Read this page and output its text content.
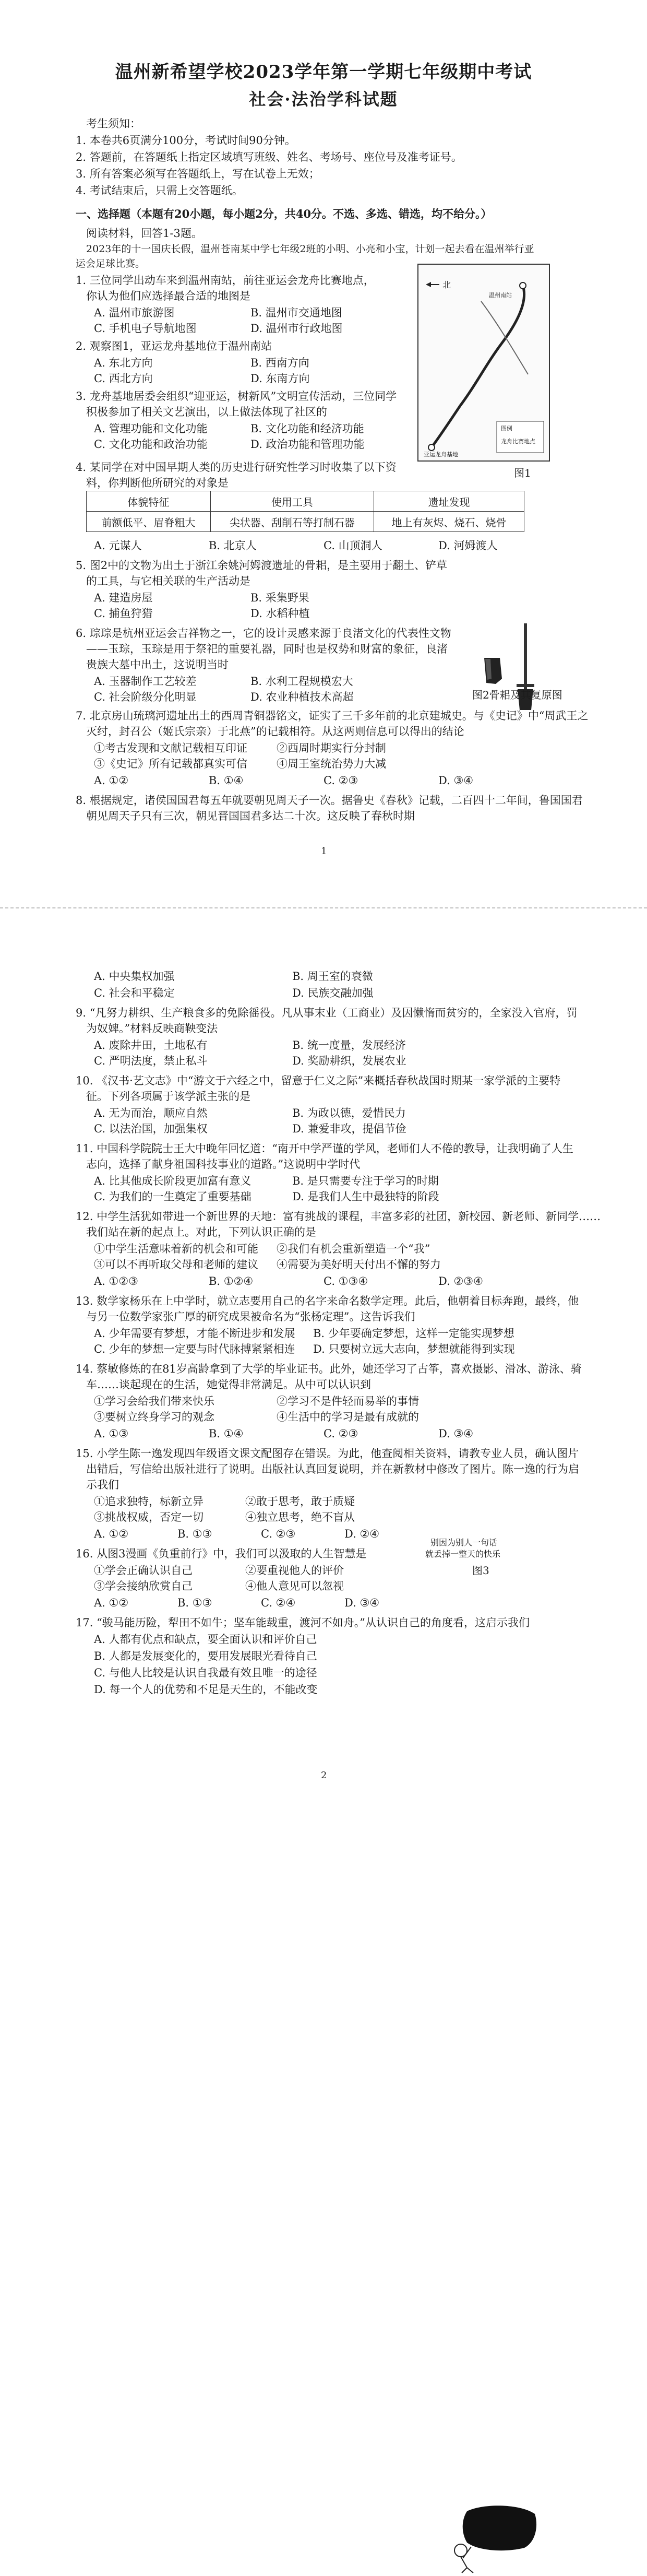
温州新希望学校2023学年第一学期七年级期中考试
社会·法治学科试题
考生须知：
1. 本卷共6页满分100分，考试时间90分钟。
2. 答题前，在答题纸上指定区域填写班级、姓名、考场号、座位号及准考证号。
3. 所有答案必须写在答题纸上，写在试卷上无效；
4. 考试结束后，只需上交答题纸。
一、选择题（本题有20小题，每小题2分，共40分。不选、多选、错选，均不给分。）
阅读材料，回答1-3题。
2023年的十一国庆长假，温州苍南某中学七年级2班的小明、小亮和小宝，计划一起去看在温州举行亚
运会足球比赛。
1. 三位同学出动车来到温州南站，前往亚运会龙舟比赛地点，
你认为他们应选择最合适的地图是
A. 温州市旅游图	B. 温州市交通地图
C. 手机电子导航地图	D. 温州市行政地图
2. 观察图1，亚运龙舟基地位于温州南站
A. 东北方向	B. 西南方向
C. 西北方向	D. 东南方向
3. 龙舟基地居委会组织“迎亚运，树新风”文明宣传活动，三位同学
积极参加了相关文艺演出，以上做法体现了社区的
A. 管理功能和文化功能	B. 文化功能和经济功能
C. 文化功能和政治功能	D. 政治功能和管理功能
北
温州南站
亚运龙舟基地
图例
龙舟比赛地点
图1
4. 某同学在对中国早期人类的历史进行研究性学习时收集了以下资
料，你判断他所研究的对象是
体貌特征	使用工具	遗址发现
前额低平、眉脊粗大	尖状器、刮削石等打制石器	地上有灰烬、烧石、烧骨
A. 元谋人	B. 北京人	C. 山顶洞人	D. 河姆渡人
5. 图2中的文物为出土于浙江余姚河姆渡遗址的骨耜，是主要用于翻土、铲草
的工具，与它相关联的生产活动是
A. 建造房屋	B. 采集野果
C. 捕鱼狩猎	D. 水稻种植
6. 琮琮是杭州亚运会吉祥物之一，它的设计灵感来源于良渚文化的代表性文物
——玉琮，玉琮是用于祭祀的重要礼器，同时也是权势和财富的象征，良渚
贵族大墓中出土，这说明当时
A. 玉器制作工艺较差	B. 水利工程规模宏大
C. 社会阶级分化明显	D. 农业种植技术高超	图2骨耜及其复原图
7. 北京房山琉璃河遗址出土的西周青铜器铭文，证实了三千多年前的北京建城史。与《史记》中“周武王之
灭纣，封召公（姬氏宗亲）于北燕”的记载相符。从这两则信息可以得出的结论
①考古发现和文献记载相互印证	②西周时期实行分封制
③《史记》所有记载都真实可信	④周王室统治势力大减
A. ①②	B. ①④	C. ②③	D. ③④
8. 根据规定，诸侯国国君每五年就要朝见周天子一次。据鲁史《春秋》记载，二百四十二年间，鲁国国君
朝见周天子只有三次，朝见晋国国君多达二十次。这反映了春秋时期
1
A. 中央集权加强	B. 周王室的衰微
C. 社会和平稳定	D. 民族交融加强
9. “凡努力耕织、生产粮食多的免除徭役。凡从事末业（工商业）及因懒惰而贫穷的，全家没入官府，罚
为奴婢。”材料反映商鞅变法
A. 废除井田，土地私有	B. 统一度量，发展经济
C. 严明法度，禁止私斗	D. 奖励耕织，发展农业
10. 《汉书·艺文志》中“游文于六经之中，留意于仁义之际”来概括春秋战国时期某一家学派的主要特
征。下列各项属于该学派主张的是
A. 无为而治，顺应自然	B. 为政以德，爱惜民力
C. 以法治国，加强集权	D. 兼爱非攻，提倡节俭
11. 中国科学院院士王大中晚年回忆道：“南开中学严谨的学风，老师们人不倦的教导，让我明确了人生
志向，选择了献身祖国科技事业的道路。”这说明中学时代
A. 比其他成长阶段更加富有意义	B. 是只需要专注于学习的时期
C. 为我们的一生奠定了重要基础	D. 是我们人生中最独特的阶段
12. 中学生活犹如带进一个新世界的天地：富有挑战的课程，丰富多彩的社团，新校园、新老师、新同学……
我们站在新的起点上。对此，下列认识正确的是
①中学生活意味着新的机会和可能 ②我们有机会重新塑造一个“我”
③可以不再听取父母和老师的建议 ④需要为美好明天付出不懈的努力
A. ①②③	B. ①②④	C. ①③④	D. ②③④
13. 数学家杨乐在上中学时，就立志要用自己的名字来命名数学定理。此后，他朝着目标奔跑，最终，他
与另一位数学家张广厚的研究成果被命名为“张杨定理”。这告诉我们
A. 少年需要有梦想，才能不断进步和发展 B. 少年要确定梦想，这样一定能实现梦想
C. 少年的梦想一定要与时代脉搏紧紧相连 D. 只要树立远大志向，梦想就能得到实现
14. 蔡敏修炼的在81岁高龄拿到了大学的毕业证书。此外，她还学习了古筝，喜欢摄影、滑冰、游泳、骑
车……谈起现在的生活，她觉得非常满足。从中可以认识到
①学习会给我们带来快乐	②学习不是件轻而易举的事情
③要树立终身学习的观念	④生活中的学习是最有成就的
A. ①③	B. ①④	C. ②③	D. ③④
15. 小学生陈一逸发现四年级语文课文配图存在错误。为此，他查阅相关资料，请教专业人员，确认图片
出错后，写信给出版社进行了说明。出版社认真回复说明，并在新教材中修改了图片。陈一逸的行为启
示我们
①追求独特，标新立异	②敢于思考，敢于质疑
③挑战权威，否定一切	④独立思考，绝不盲从
A. ①②	B. ①③	C. ②③	D. ②④
别因为别人一句话
就丢掉一整天的快乐
图3
16. 从图3漫画《负重前行》中，我们可以汲取的人生智慧是
①学会正确认识自己	②要重视他人的评价
③学会接纳欣赏自己	④他人意见可以忽视
A. ①②	B. ①③	C. ②④	D. ③④
17. “骏马能历险，犁田不如牛；坚车能载重，渡河不如舟。”从认识自己的角度看，这启示我们
A. 人都有优点和缺点，要全面认识和评价自己
B. 人都是发展变化的，要用发展眼光看待自己
C. 与他人比较是认识自我最有效且唯一的途径
D. 每一个人的优势和不足是天生的，不能改变
2
